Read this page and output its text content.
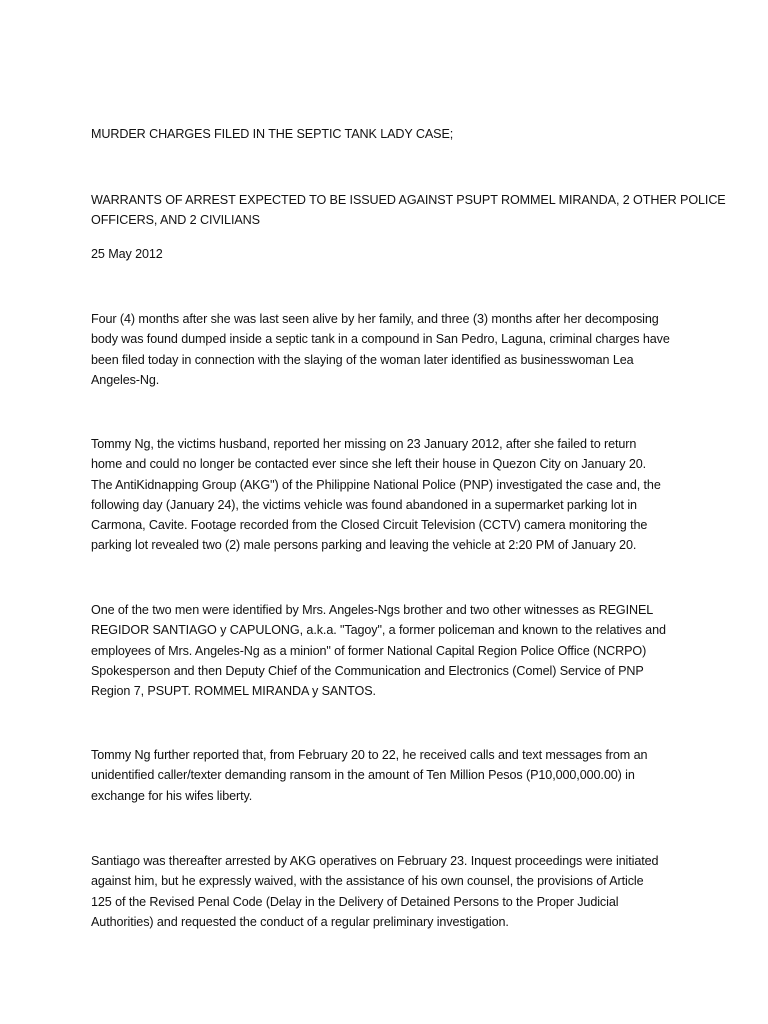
MURDER CHARGES FILED IN THE SEPTIC TANK LADY CASE;
WARRANTS OF ARREST EXPECTED TO BE ISSUED AGAINST PSUPT ROMMEL MIRANDA, 2 OTHER POLICE
OFFICERS, AND 2 CIVILIANS
25 May 2012
Four (4) months after she was last seen alive by her family, and three (3) months after her decomposing
body was found dumped inside a septic tank in a compound in San Pedro, Laguna, criminal charges have
been filed today in connection with the slaying of the woman later identified as businesswoman Lea
Angeles-Ng.
Tommy Ng, the victims husband, reported her missing on 23 January 2012, after she failed to return
home and could no longer be contacted ever since she left their house in Quezon City on January 20.
The AntiKidnapping Group (AKG") of the Philippine National Police (PNP) investigated the case and, the
following day (January 24), the victims vehicle was found abandoned in a supermarket parking lot in
Carmona, Cavite. Footage recorded from the Closed Circuit Television (CCTV) camera monitoring the
parking lot revealed two (2) male persons parking and leaving the vehicle at 2:20 PM of January 20.
One of the two men were identified by Mrs. Angeles-Ngs brother and two other witnesses as REGINEL
REGIDOR SANTIAGO y CAPULONG, a.k.a. "Tagoy", a former policeman and known to the relatives and
employees of Mrs. Angeles-Ng as a minion" of former National Capital Region Police Office (NCRPO)
Spokesperson and then Deputy Chief of the Communication and Electronics (Comel) Service of PNP
Region 7, PSUPT. ROMMEL MIRANDA y SANTOS.
Tommy Ng further reported that, from February 20 to 22, he received calls and text messages from an
unidentified caller/texter demanding ransom in the amount of Ten Million Pesos (P10,000,000.00) in
exchange for his wifes liberty.
Santiago was thereafter arrested by AKG operatives on February 23. Inquest proceedings were initiated
against him, but he expressly waived, with the assistance of his own counsel, the provisions of Article
125 of the Revised Penal Code (Delay in the Delivery of Detained Persons to the Proper Judicial
Authorities) and requested the conduct of a regular preliminary investigation.
